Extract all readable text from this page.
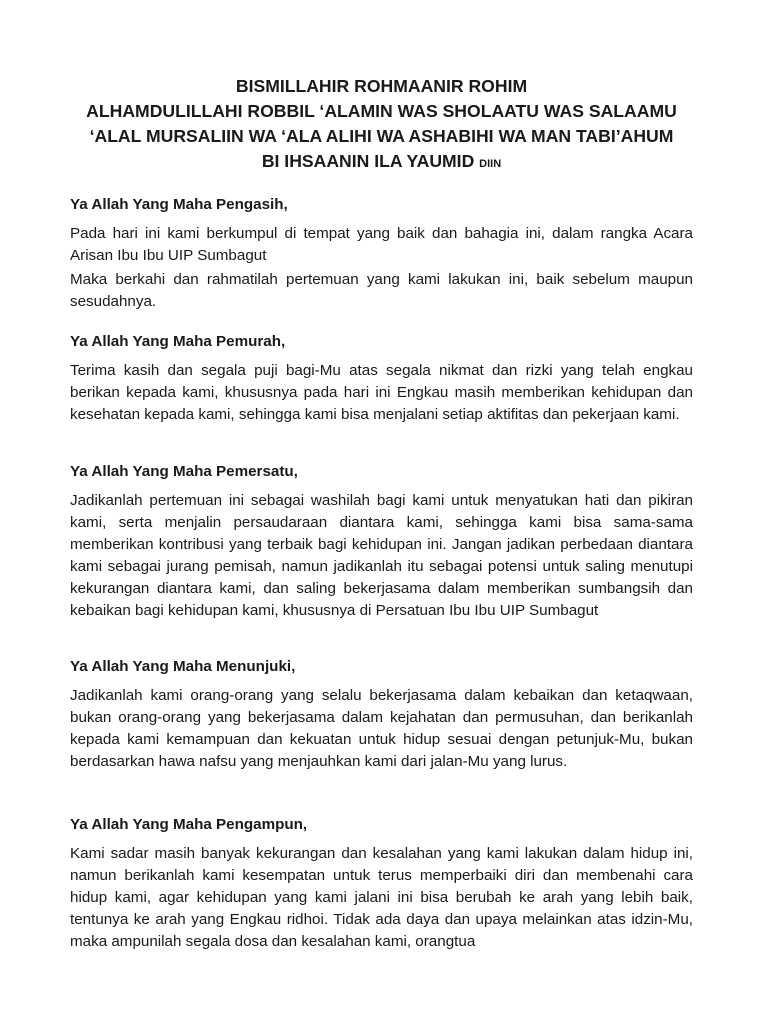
BISMILLAHIR ROHMAANIR ROHIM
ALHAMDULILLAHI ROBBIL ‘ALAMIN WAS SHOLAATU WAS SALAAMU
‘ALAL MURSALIIN WA ‘ALA ALIHI WA ASHABIHI WA MAN TABI’AHUM
BI IHSAANIN ILA YAUMID DIIN
Ya Allah Yang Maha Pengasih,

Pada hari ini kami berkumpul di tempat yang baik dan bahagia ini, dalam rangka Acara Arisan Ibu Ibu UIP Sumbagut

Maka berkahi dan rahmatilah pertemuan yang kami lakukan ini, baik sebelum maupun sesudahnya.

Ya Allah Yang Maha Pemurah,

Terima kasih dan segala puji bagi-Mu atas segala nikmat dan rizki yang telah engkau berikan kepada kami, khususnya pada hari ini Engkau masih memberikan kehidupan dan kesehatan kepada kami, sehingga kami bisa menjalani setiap aktifitas dan pekerjaan kami.

Ya Allah Yang Maha Pemersatu,

Jadikanlah pertemuan ini sebagai washilah bagi kami untuk menyatukan hati dan pikiran kami, serta menjalin persaudaraan diantara kami, sehingga kami bisa sama-sama memberikan kontribusi yang terbaik bagi kehidupan ini. Jangan jadikan perbedaan diantara kami sebagai jurang pemisah, namun jadikanlah itu sebagai potensi untuk saling menutupi kekurangan diantara kami, dan saling bekerjasama dalam memberikan sumbangsih dan kebaikan bagi kehidupan kami, khususnya di Persatuan Ibu Ibu UIP Sumbagut

Ya Allah Yang Maha Menunjuki,

Jadikanlah kami orang-orang yang selalu bekerjasama dalam kebaikan dan ketaqwaan, bukan orang-orang yang bekerjasama dalam kejahatan dan permusuhan, dan berikanlah kepada kami kemampuan dan kekuatan untuk hidup sesuai dengan petunjuk-Mu, bukan berdasarkan hawa nafsu yang menjauhkan kami dari jalan-Mu yang lurus.

Ya Allah Yang Maha Pengampun,

Kami sadar masih banyak kekurangan dan kesalahan yang kami lakukan dalam hidup ini, namun berikanlah kami kesempatan untuk terus memperbaiki diri dan membenahi cara hidup kami, agar kehidupan yang kami jalani ini bisa berubah ke arah yang lebih baik, tentunya ke arah yang Engkau ridhoi. Tidak ada daya dan upaya melainkan atas idzin-Mu, maka ampunilah segala dosa dan kesalahan kami, orangtua
